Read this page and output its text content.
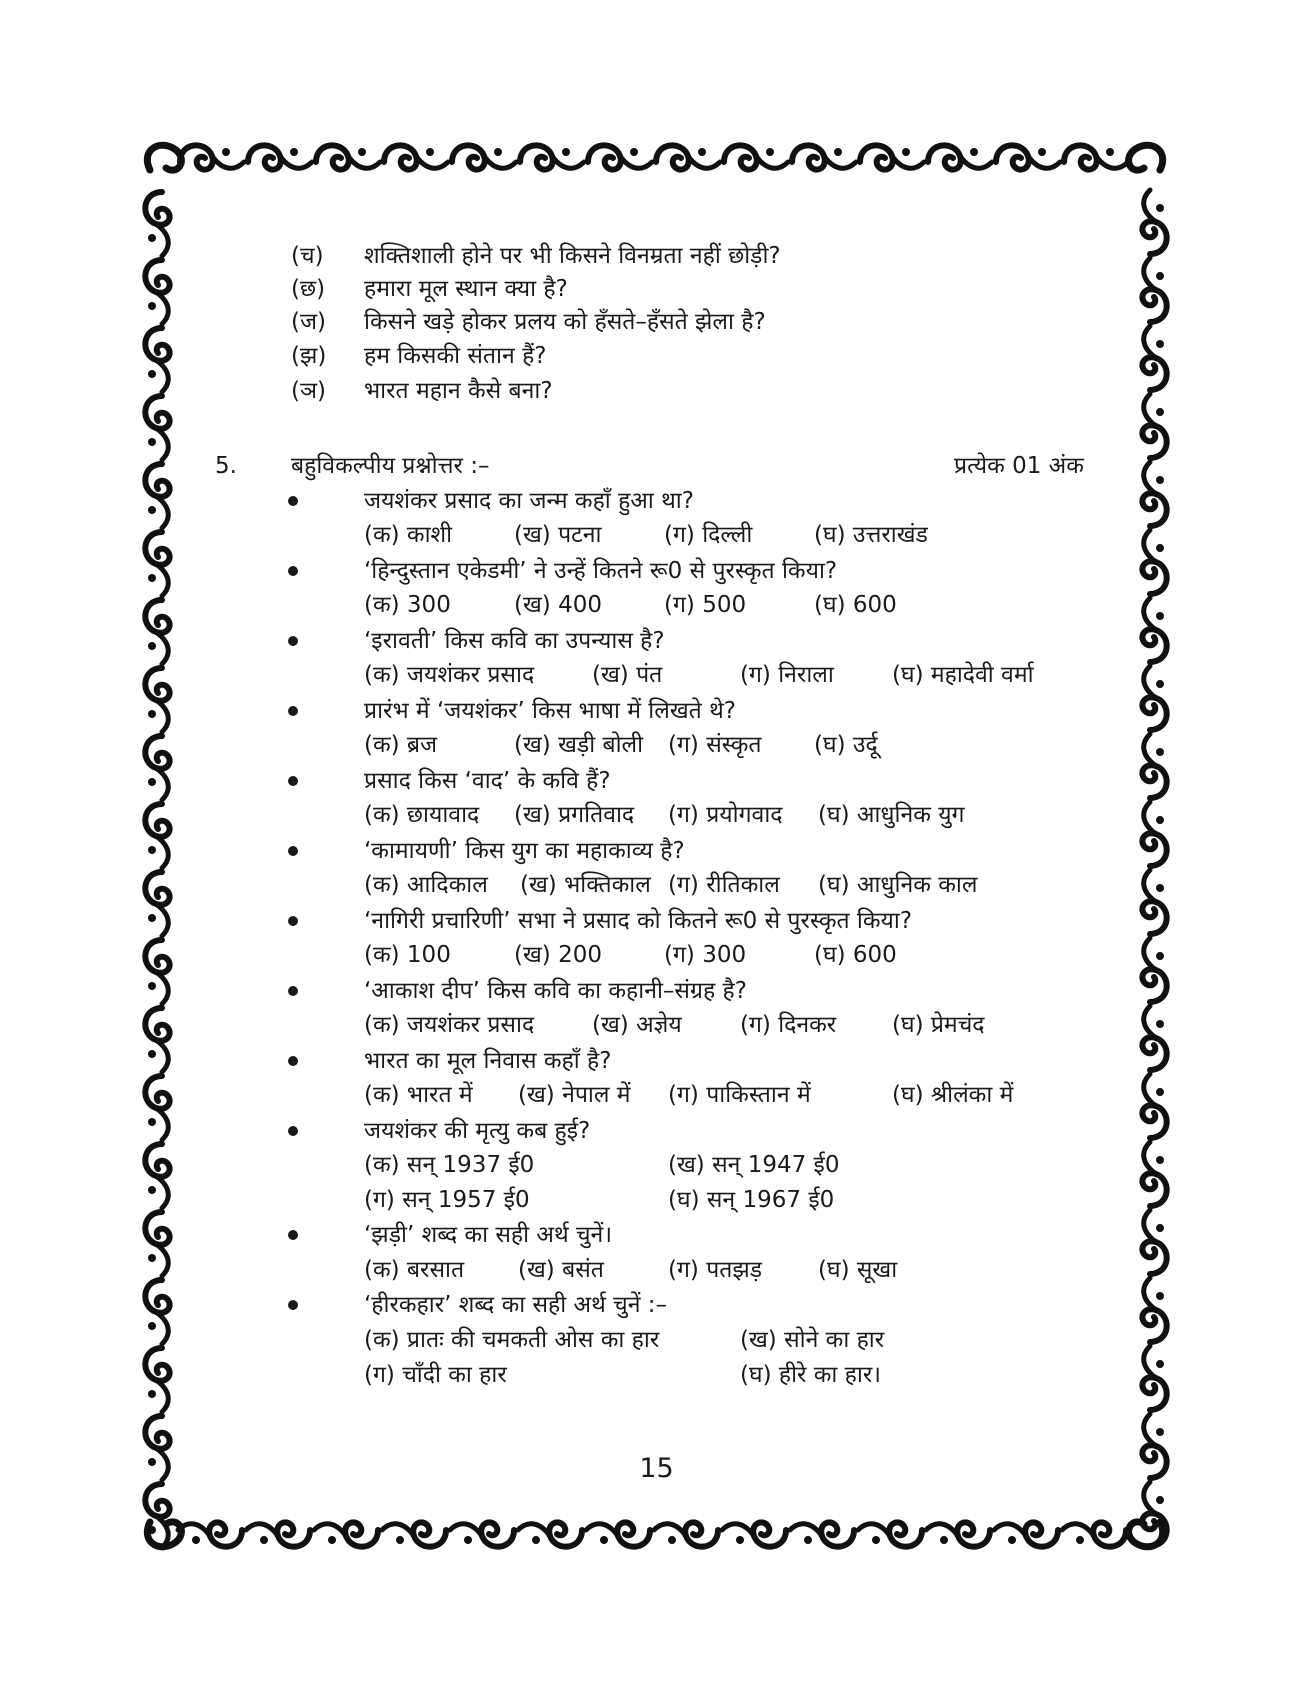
(च) शक्तिशाली होने पर भी किसने विनम्रता नहीं छोड़ी?
(छ) हमारा मूल स्थान क्या है?
(ज) किसने खड़े होकर प्रलय को हँसते–हँसते झेला है?
(झ) हम किसकी संतान हैं?
(ञ) भारत महान कैसे बना?
5. बहुविकल्पीय प्रश्नोत्तर :–	प्रत्येक 01 अंक
जयशंकर प्रसाद का जन्म कहाँ हुआ था?
(क) काशी	(ख) पटना	(ग) दिल्ली	(घ) उत्तराखंड
‘हिन्दुस्तान एकेडमी’ ने उन्हें कितने रू0 से पुरस्कृत किया?
(क) 300	(ख) 400	(ग) 500	(घ) 600
‘इरावती’ किस कवि का उपन्यास है?
(क) जयशंकर प्रसाद	(ख) पंत	(ग) निराला	(घ) महादेवी वर्मा
प्रारंभ में ‘जयशंकर’ किस भाषा में लिखते थे?
(क) ब्रज	(ख) खड़ी बोली (ग) संस्कृत (घ) उर्दू
प्रसाद किस ‘वाद’ के कवि हैं?
(क) छायावाद (ख) प्रगतिवाद (ग) प्रयोगवाद (घ) आधुनिक युग
‘कामायणी’ किस युग का महाकाव्य है?
(क) आदिकाल (ख) भक्तिकाल (ग) रीतिकाल (घ) आधुनिक काल
‘नागिरी प्रचारिणी’ सभा ने प्रसाद को कितने रू0 से पुरस्कृत किया?
(क) 100	(ख) 200	(ग) 300	(घ) 600
‘आकाश दीप’ किस कवि का कहानी–संग्रह है?
(क) जयशंकर प्रसाद	(ख) अज्ञेय	(ग) दिनकर (घ) प्रेमचंद
भारत का मूल निवास कहाँ है?
(क) भारत में (ख) नेपाल में (ग) पाकिस्तान में	(घ) श्रीलंका में
जयशंकर की मृत्यु कब हुई?
(क) सन् 1937 ई0	(ख) सन् 1947 ई0
(ग) सन् 1957 ई0	(घ) सन् 1967 ई0
‘झड़ी’ शब्द का सही अर्थ चुनें।
(क) बरसात (ख) बसंत	(ग) पतझड़ (घ) सूखा
‘हीरकहार’ शब्द का सही अर्थ चुनें :–
(क) प्रातः की चमकती ओस का हार	(ख) सोने का हार
(ग) चाँदी का हार	(घ) हीरे का हार।
15
